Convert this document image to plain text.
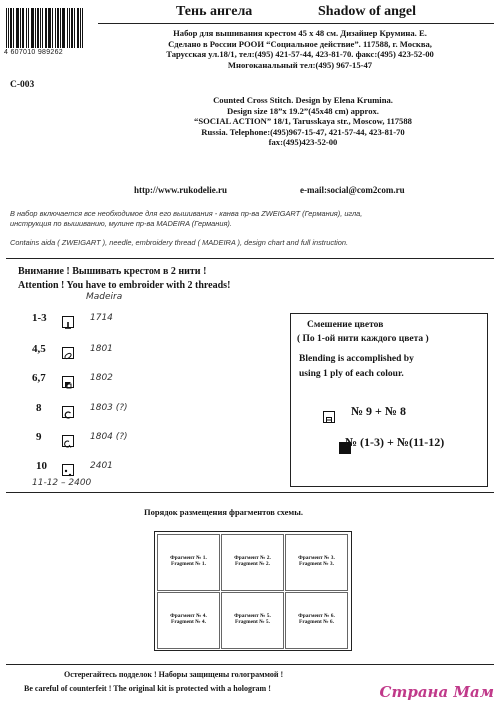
4 607010 989262
Тень ангела	Shadow of angel
Набор для вышивания крестом 45 х 48 см. Дизайнер Крумина. Е.
Сделано в России РООИ “Социальное действие”. 117588, г. Москва,
Тарусская ул.18/1, тел:(495) 421-57-44, 423-81-70. факс:(495) 423-52-00
Многоканальный тел:(495) 967-15-47
C-003
Counted Cross Stitch. Design by Elena Krumina.
Design size 18”x 19.2”(45x48 cm) approx.
“SOCIAL ACTION” 18/1, Tarusskaya str., Moscow, 117588
Russia. Telephone:(495)967-15-47, 421-57-44, 423-81-70
fax:(495)423-52-00
http://www.rukodelie.ru	e-mail:social@com2com.ru
В набор включается все необходимое для его вышивания - канва пр-ва ZWEIGART (Германия), игла,
инструкция по вышиванию, мулине пр-ва MADEIRA (Германия).
Contains aida ( ZWEIGART ), needle, embroidery thread ( MADEIRA ), design chart and full instruction.
Внимание ! Вышивать крестом в 2 нити !
Attention ! You have to embroider with 2 threads!
Madeira
1-3	1714
4,5	1801
6,7	1802
8	1803 (?)
9	1804 (?)
10	2401
11-12 – 2400
Смешение цветов
( По 1-ой нити каждого цвета )
Blending is accomplished by
using 1 ply of each colour.

№ 9 + № 8
№ (1-3) + №(11-12)
Порядок размещения фрагментов схемы.
Фрагмент № 1.
Fragment № 1.
Фрагмент № 2.
Fragment № 2.
Фрагмент № 3.
Fragment № 3.
Фрагмент № 4.
Fragment № 4.
Фрагмент № 5.
Fragment № 5.
Фрагмент № 6.
Fragment № 6.
Остерегайтесь подделок ! Наборы защищены голограммой !
Be careful of counterfeit ! The original kit is protected with a hologram !	Страна Мам
